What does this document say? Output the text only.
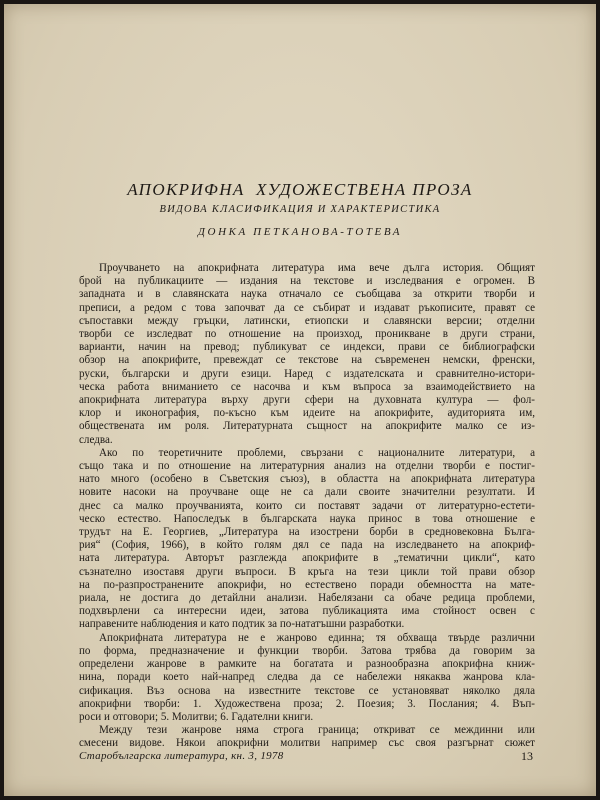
АПОКРИФНА  ХУДОЖЕСТВЕНА ПРОЗА
ВИДОВА КЛАСИФИКАЦИЯ И ХАРАКТЕРИСТИКА
ДОНКА ПЕТКАНОВА-ТОТЕВА
Проучването на апокрифната литература има вече дълга история. Общият
брой на публикациите — издания на текстове и изследвания е огромен. В
западната и в славянската наука отначало се съобщава за открити творби и
преписи, а редом с това започват да се събират и издават ръкописите, правят се
съпоставки между гръцки, латински, етиопски и славянски версии; отделни
творби се изследват по отношение на произход, проникване в други страни,
варианти, начин на превод; публикуват се индекси, прави се библиографски
обзор на апокрифите, превеждат се текстове на съвременен немски, френски,
руски, български и други езици. Наред с издателската и сравнително-истори-
ческа работа вниманието се насочва и към въпроса за взаимодействието на
апокрифната литература върху други сфери на духовната култура — фол-
клор и иконография, по-късно към идеите на апокрифите, аудиторията им,
обществената им роля. Литературната същност на апокрифите малко се из-
следва.
Ако по теоретичните проблеми, свързани с националните литератури, а
също така и по отношение на литературния анализ на отделни творби е постиг-
нато много (особено в Съветския съюз), в областта на апокрифната литература
новите насоки на проучване още не са дали своите значителни резултати. И
днес са малко проучванията, които си поставят задачи от литературно-естети-
ческо естество. Напоследък в българската наука принос в това отношение е
трудът на Е. Георгиев, „Литература на изострени борби в средновековна Бълга-
рия“ (София, 1966), в който голям дял се пада на изследването на апокриф-
ната литература. Авторът разглежда апокрифите в „тематични цикли“, като
съзнателно изоставя други въпроси. В кръга на тези цикли той прави обзор
на по-разпространените апокрифи, но естествено поради обемността на мате-
риала, не достига до детайлни анализи. Набелязани са обаче редица проблеми,
подхвърлени са интересни идеи, затова публикацията има стойност освен с
направените наблюдения и като подтик за по-нататъшни разработки.
Апокрифната литература не е жанрово единна; тя обхваща твърде различни
по форма, предназначение и функции творби. Затова трябва да говорим за
определени жанрове в рамките на богатата и разнообразна апокрифна книж-
нина, поради което най-напред следва да се набележи някаква жанрова кла-
сификация. Въз основа на известните текстове се установяват няколко дяла
апокрифни творби: 1. Художествена проза; 2. Поезия; 3. Послания; 4. Въп-
роси и отговори; 5. Молитви; 6. Гадателни книги.
Между тези жанрове няма строга граница; откриват се междинни или
смесени видове. Някои апокрифни молитви например със своя разгърнат сюжет
Старобългарска литература, кн. 3, 1978	13
